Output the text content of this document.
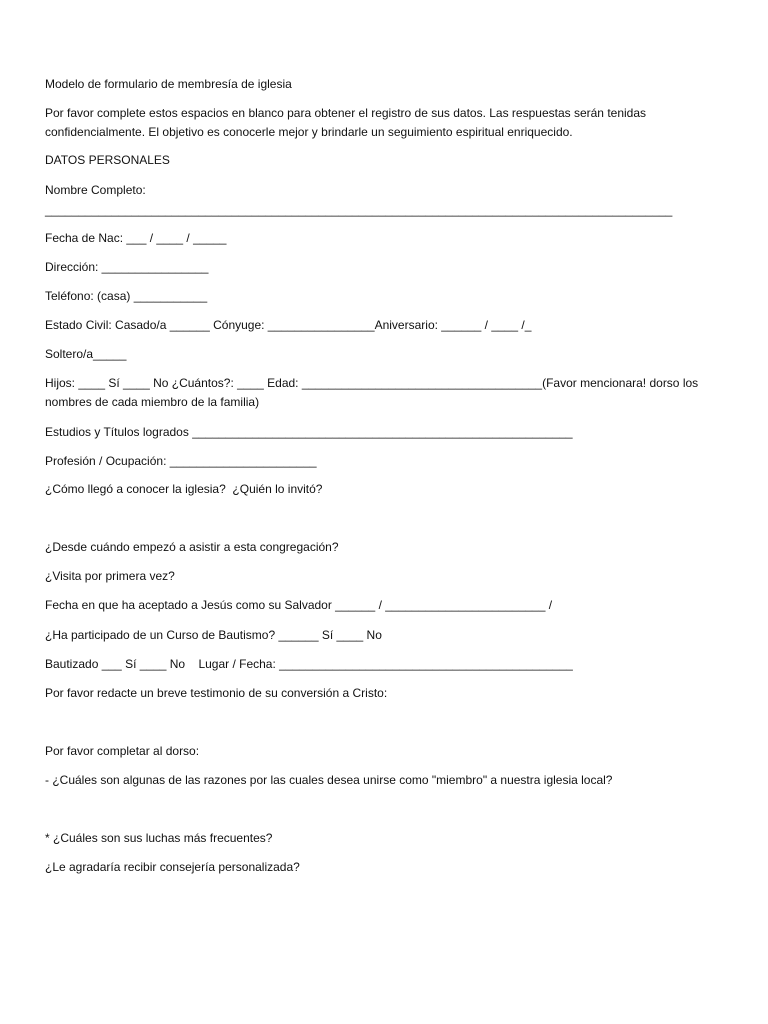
Modelo de formulario de membresía de iglesia
Por favor complete estos espacios en blanco para obtener el registro de sus datos. Las respuestas serán tenidas confidencialmente. El objetivo es conocerle mejor y brindarle un seguimiento espiritual enriquecido.
DATOS PERSONALES
Nombre Completo:
______________________________________________________________________________________________
Fecha de Nac: ___ / ____ / _____
Dirección: ________________
Teléfono: (casa) ___________
Estado Civil: Casado/a ______ Cónyuge: ________________Aniversario: ______ / ____ /_
Soltero/a_____
Hijos: ____ Sí ____ No ¿Cuántos?: ____ Edad: ____________________________________(Favor mencionara! dorso los nombres de cada miembro de la familia)
Estudios y Títulos logrados _________________________________________________________
Profesión / Ocupación: ______________________
¿Cómo llegó a conocer la iglesia?  ¿Quién lo invitó?
¿Desde cuándo empezó a asistir a esta congregación?
¿Visita por primera vez?
Fecha en que ha aceptado a Jesús como su Salvador ______ / ________________________ /
¿Ha participado de un Curso de Bautismo? ______ Sí ____ No
Bautizado ___ Sí ____ No    Lugar / Fecha: ____________________________________________
Por favor redacte un breve testimonio de su conversión a Cristo:
Por favor completar al dorso:
- ¿Cuáles son algunas de las razones por las cuales desea unirse como "miembro" a nuestra iglesia local?
* ¿Cuáles son sus luchas más frecuentes?
¿Le agradaría recibir consejería personalizada?
